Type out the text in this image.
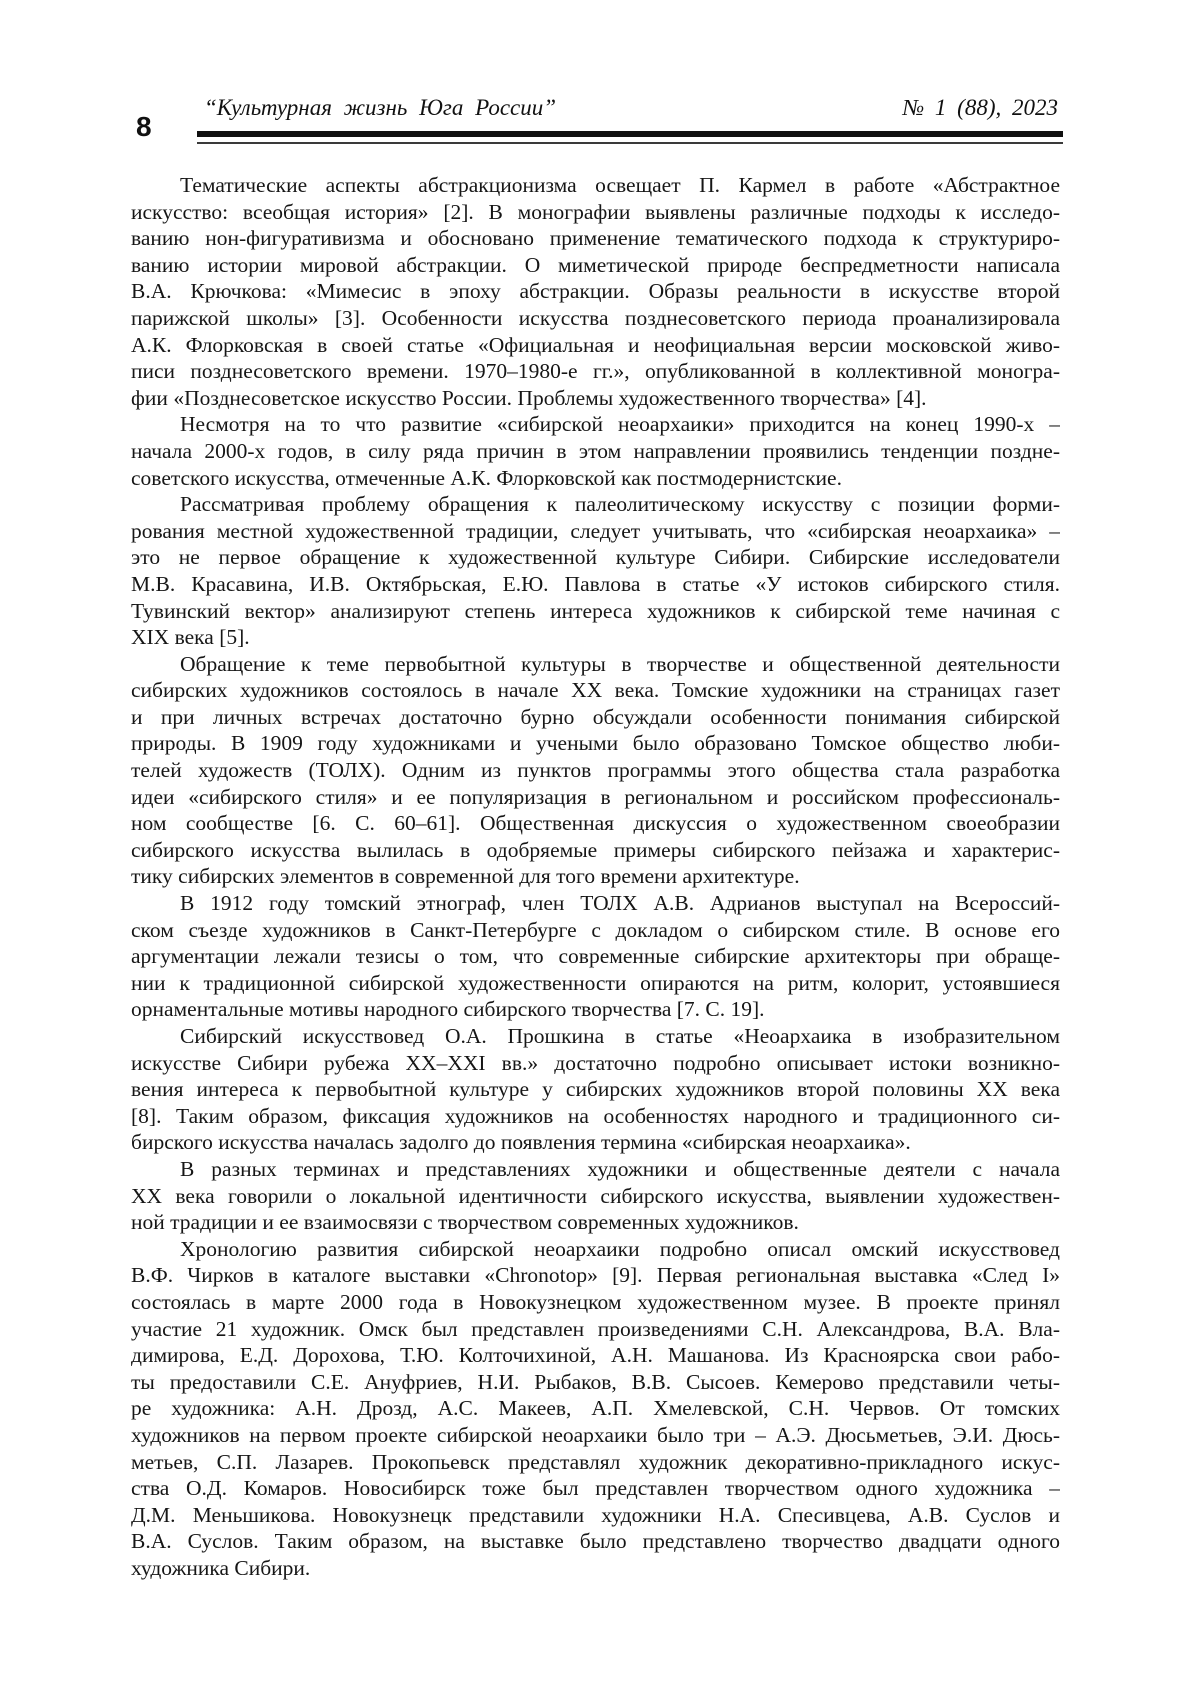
8
“Культурная жизнь Юга России”	№ 1 (88), 2023
Тематические аспекты абстракционизма освещает П. Кармел в работе «Абстрактное
искусство: всеобщая история» [2]. В монографии выявлены различные подходы к исследо-
ванию нон-фигуративизма и обосновано применение тематического подхода к структуриро-
ванию истории мировой абстракции. О миметической природе беспредметности написала
В.А. Крючкова: «Мимесис в эпоху абстракции. Образы реальности в искусстве второй
парижской школы» [3]. Особенности искусства позднесоветского периода проанализировала
А.К. Флорковская в своей статье «Официальная и неофициальная версии московской живо-
писи позднесоветского времени. 1970–1980-е гг.», опубликованной в коллективной моногра-
фии «Позднесоветское искусство России. Проблемы художественного творчества» [4].
Несмотря на то что развитие «сибирской неоархаики» приходится на конец 1990-х –
начала 2000-х годов, в силу ряда причин в этом направлении проявились тенденции поздне-
советского искусства, отмеченные А.К. Флорковской как постмодернистские.
Рассматривая проблему обращения к палеолитическому искусству с позиции форми-
рования местной художественной традиции, следует учитывать, что «сибирская неоархаика» –
это не первое обращение к художественной культуре Сибири. Сибирские исследователи
М.В. Красавина, И.В. Октябрьская, Е.Ю. Павлова в статье «У истоков сибирского стиля.
Тувинский вектор» анализируют степень интереса художников к сибирской теме начиная с
XIX века [5].
Обращение к теме первобытной культуры в творчестве и общественной деятельности
сибирских художников состоялось в начале XX века. Томские художники на страницах газет
и при личных встречах достаточно бурно обсуждали особенности понимания сибирской
природы. В 1909 году художниками и учеными было образовано Томское общество люби-
телей художеств (ТОЛХ). Одним из пунктов программы этого общества стала разработка
идеи «сибирского стиля» и ее популяризация в региональном и российском профессиональ-
ном сообществе [6. С. 60–61]. Общественная дискуссия о художественном своеобразии
сибирского искусства вылилась в одобряемые примеры сибирского пейзажа и характерис-
тику сибирских элементов в современной для того времени архитектуре.
В 1912 году томский этнограф, член ТОЛХ А.В. Адрианов выступал на Всероссий-
ском съезде художников в Санкт-Петербурге с докладом о сибирском стиле. В основе его
аргументации лежали тезисы о том, что современные сибирские архитекторы при обраще-
нии к традиционной сибирской художественности опираются на ритм, колорит, устоявшиеся
орнаментальные мотивы народного сибирского творчества [7. С. 19].
Сибирский искусствовед О.А. Прошкина в статье «Неоархаика в изобразительном
искусстве Сибири рубежа XX–XXI вв.» достаточно подробно описывает истоки возникно-
вения интереса к первобытной культуре у сибирских художников второй половины XX века
[8]. Таким образом, фиксация художников на особенностях народного и традиционного си-
бирского искусства началась задолго до появления термина «сибирская неоархаика».
В разных терминах и представлениях художники и общественные деятели с начала
XX века говорили о локальной идентичности сибирского искусства, выявлении художествен-
ной традиции и ее взаимосвязи с творчеством современных художников.
Хронологию развития сибирской неоархаики подробно описал омский искусствовед
В.Ф. Чирков в каталоге выставки «Chronotop» [9]. Первая региональная выставка «След I»
состоялась в марте 2000 года в Новокузнецком художественном музее. В проекте принял
участие 21 художник. Омск был представлен произведениями С.Н. Александрова, В.А. Вла-
димирова, Е.Д. Дорохова, Т.Ю. Колточихиной, А.Н. Машанова. Из Красноярска свои рабо-
ты предоставили С.Е. Ануфриев, Н.И. Рыбаков, В.В. Сысоев. Кемерово представили четы-
ре художника: А.Н. Дрозд, А.С. Макеев, А.П. Хмелевской, С.Н. Червов. От томских
художников на первом проекте сибирской неоархаики было три – А.Э. Дюсьметьев, Э.И. Дюсь-
метьев, С.П. Лазарев. Прокопьевск представлял художник декоративно-прикладного искус-
ства О.Д. Комаров. Новосибирск тоже был представлен творчеством одного художника –
Д.М. Меньшикова. Новокузнецк представили художники Н.А. Спесивцева, А.В. Суслов и
В.А. Суслов. Таким образом, на выставке было представлено творчество двадцати одного
художника Сибири.
